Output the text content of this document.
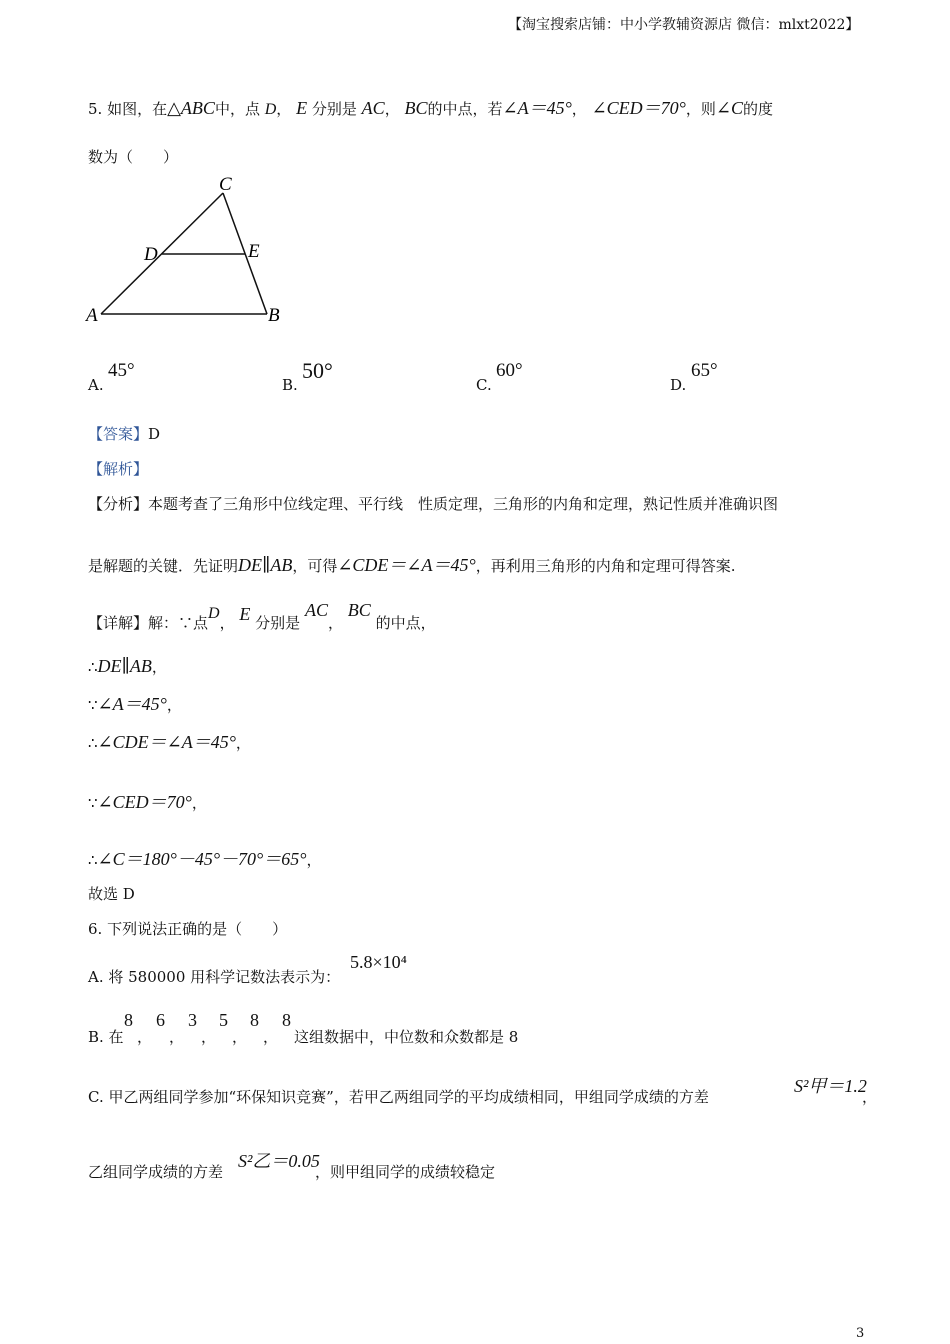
【淘宝搜索店铺：中小学教辅资源店 微信：mlxt2022】
5. 如图，在△ABC中，点 D， E 分别是 AC， BC的中点，若∠A＝45°， ∠CED＝70°，则∠C的度
数为（　　）
C
D	E
A	B
A.
45°
B.
50°
C.
60°
D.
65°
【答案】D
【解析】
【分析】本题考查了三角形中位线定理、平行线　性质定理，三角形的内角和定理，熟记性质并准确识图
是解题的关键．先证明DE∥AB，可得∠CDE＝∠A＝45°，再利用三角形的内角和定理可得答案.
【详解】解：∵点D， E 分别是 AC， BC 的中点，
∴DE∥AB，
∵∠A＝45°，
∴∠CDE＝∠A＝45°，
∵∠CED＝70°，
∴∠C＝180°－45°－70°＝65°，
故选 D
6. 下列说法正确的是（　　）
A. 将 580000 用科学记数法表示为：
5.8×10⁴
B. 在
8
，
6
，
3
，
5
，
8
，
8
这组数据中，中位数和众数都是 8
C. 甲乙两组同学参加“环保知识竞赛”，若甲乙两组同学的平均成绩相同，甲组同学成绩的方差
S²甲＝1.2
，
乙组同学成绩的方差
S²乙＝0.05
，则甲组同学的成绩较稳定
3
